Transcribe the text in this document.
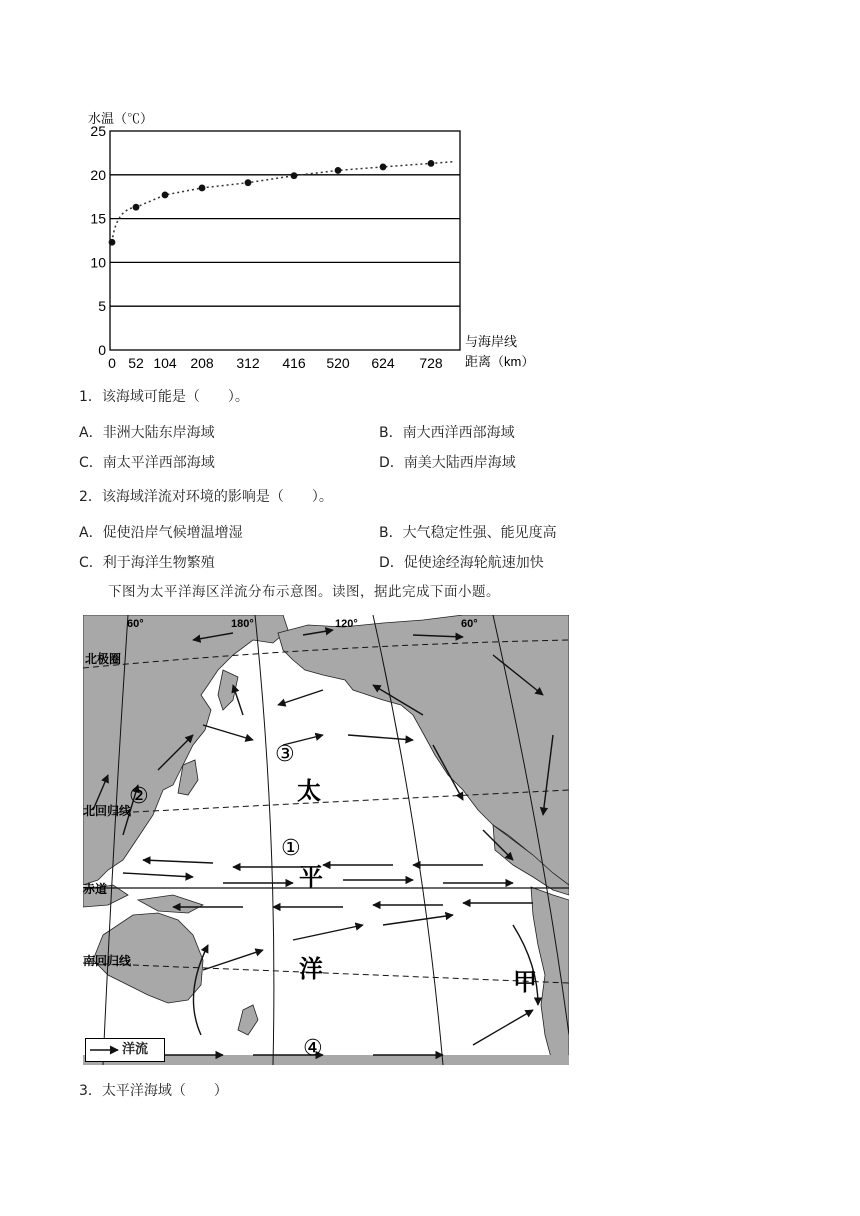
水温（℃）
0
5
10
15
20
25
0 52 104 208 312 416 520 624 728
与海岸线
距离（km）
1．该海域可能是（　　）。
A．非洲大陆东岸海域	B．南大西洋西部海域
C．南太平洋西部海域	D．南美大陆西岸海域
2．该海域洋流对环境的影响是（　　）。
A．促使沿岸气候增温增湿	B．大气稳定性强、能见度高
C．利于海洋生物繁殖	D．促使途经海轮航速加快
下图为太平洋海区洋流分布示意图。读图，据此完成下面小题。
60°	180°	120°	60°
北极圈
北回归线
赤道
南回归线
①
②
③
④
太
平
洋	甲
洋流
3．太平洋海域（　　）
